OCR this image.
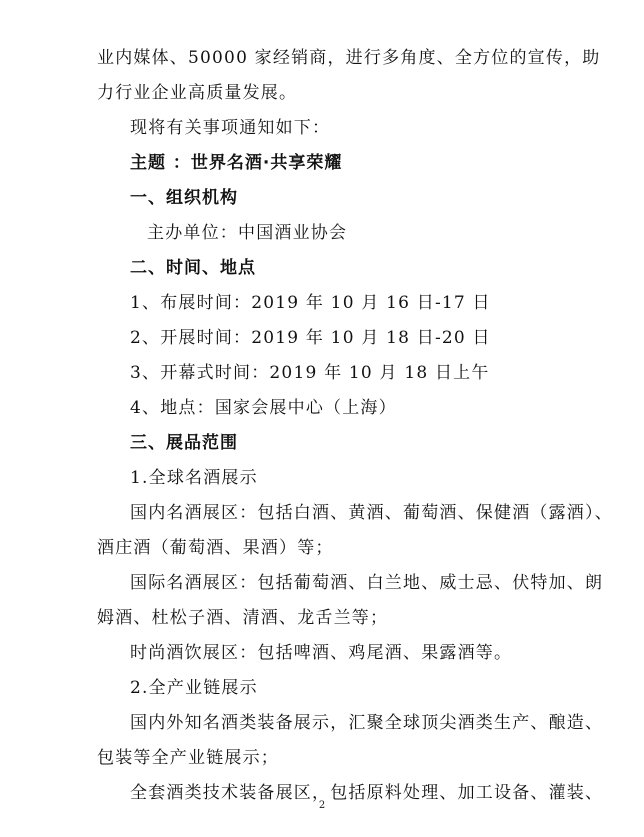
业内媒体、50000 家经销商，进行多角度、全方位的宣传，助
力行业企业高质量发展。
现将有关事项通知如下：
主题 ：世界名酒·共享荣耀
一、组织机构
主办单位：中国酒业协会
二、时间、地点
1、布展时间：2019 年 10 月 16 日-17 日
2、开展时间：2019 年 10 月 18 日-20 日
3、开幕式时间：2019 年 10 月 18 日上午
4、地点：国家会展中心（上海）
三、展品范围
1.全球名酒展示
国内名酒展区：包括白酒、黄酒、葡萄酒、保健酒（露酒）、
酒庄酒（葡萄酒、果酒）等；
国际名酒展区：包括葡萄酒、白兰地、威士忌、伏特加、朗
姆酒、杜松子酒、清酒、龙舌兰等；
时尚酒饮展区：包括啤酒、鸡尾酒、果露酒等。
2.全产业链展示
国内外知名酒类装备展示，汇聚全球顶尖酒类生产、酿造、
包装等全产业链展示；
全套酒类技术装备展区，包括原料处理、加工设备、灌装、
2
